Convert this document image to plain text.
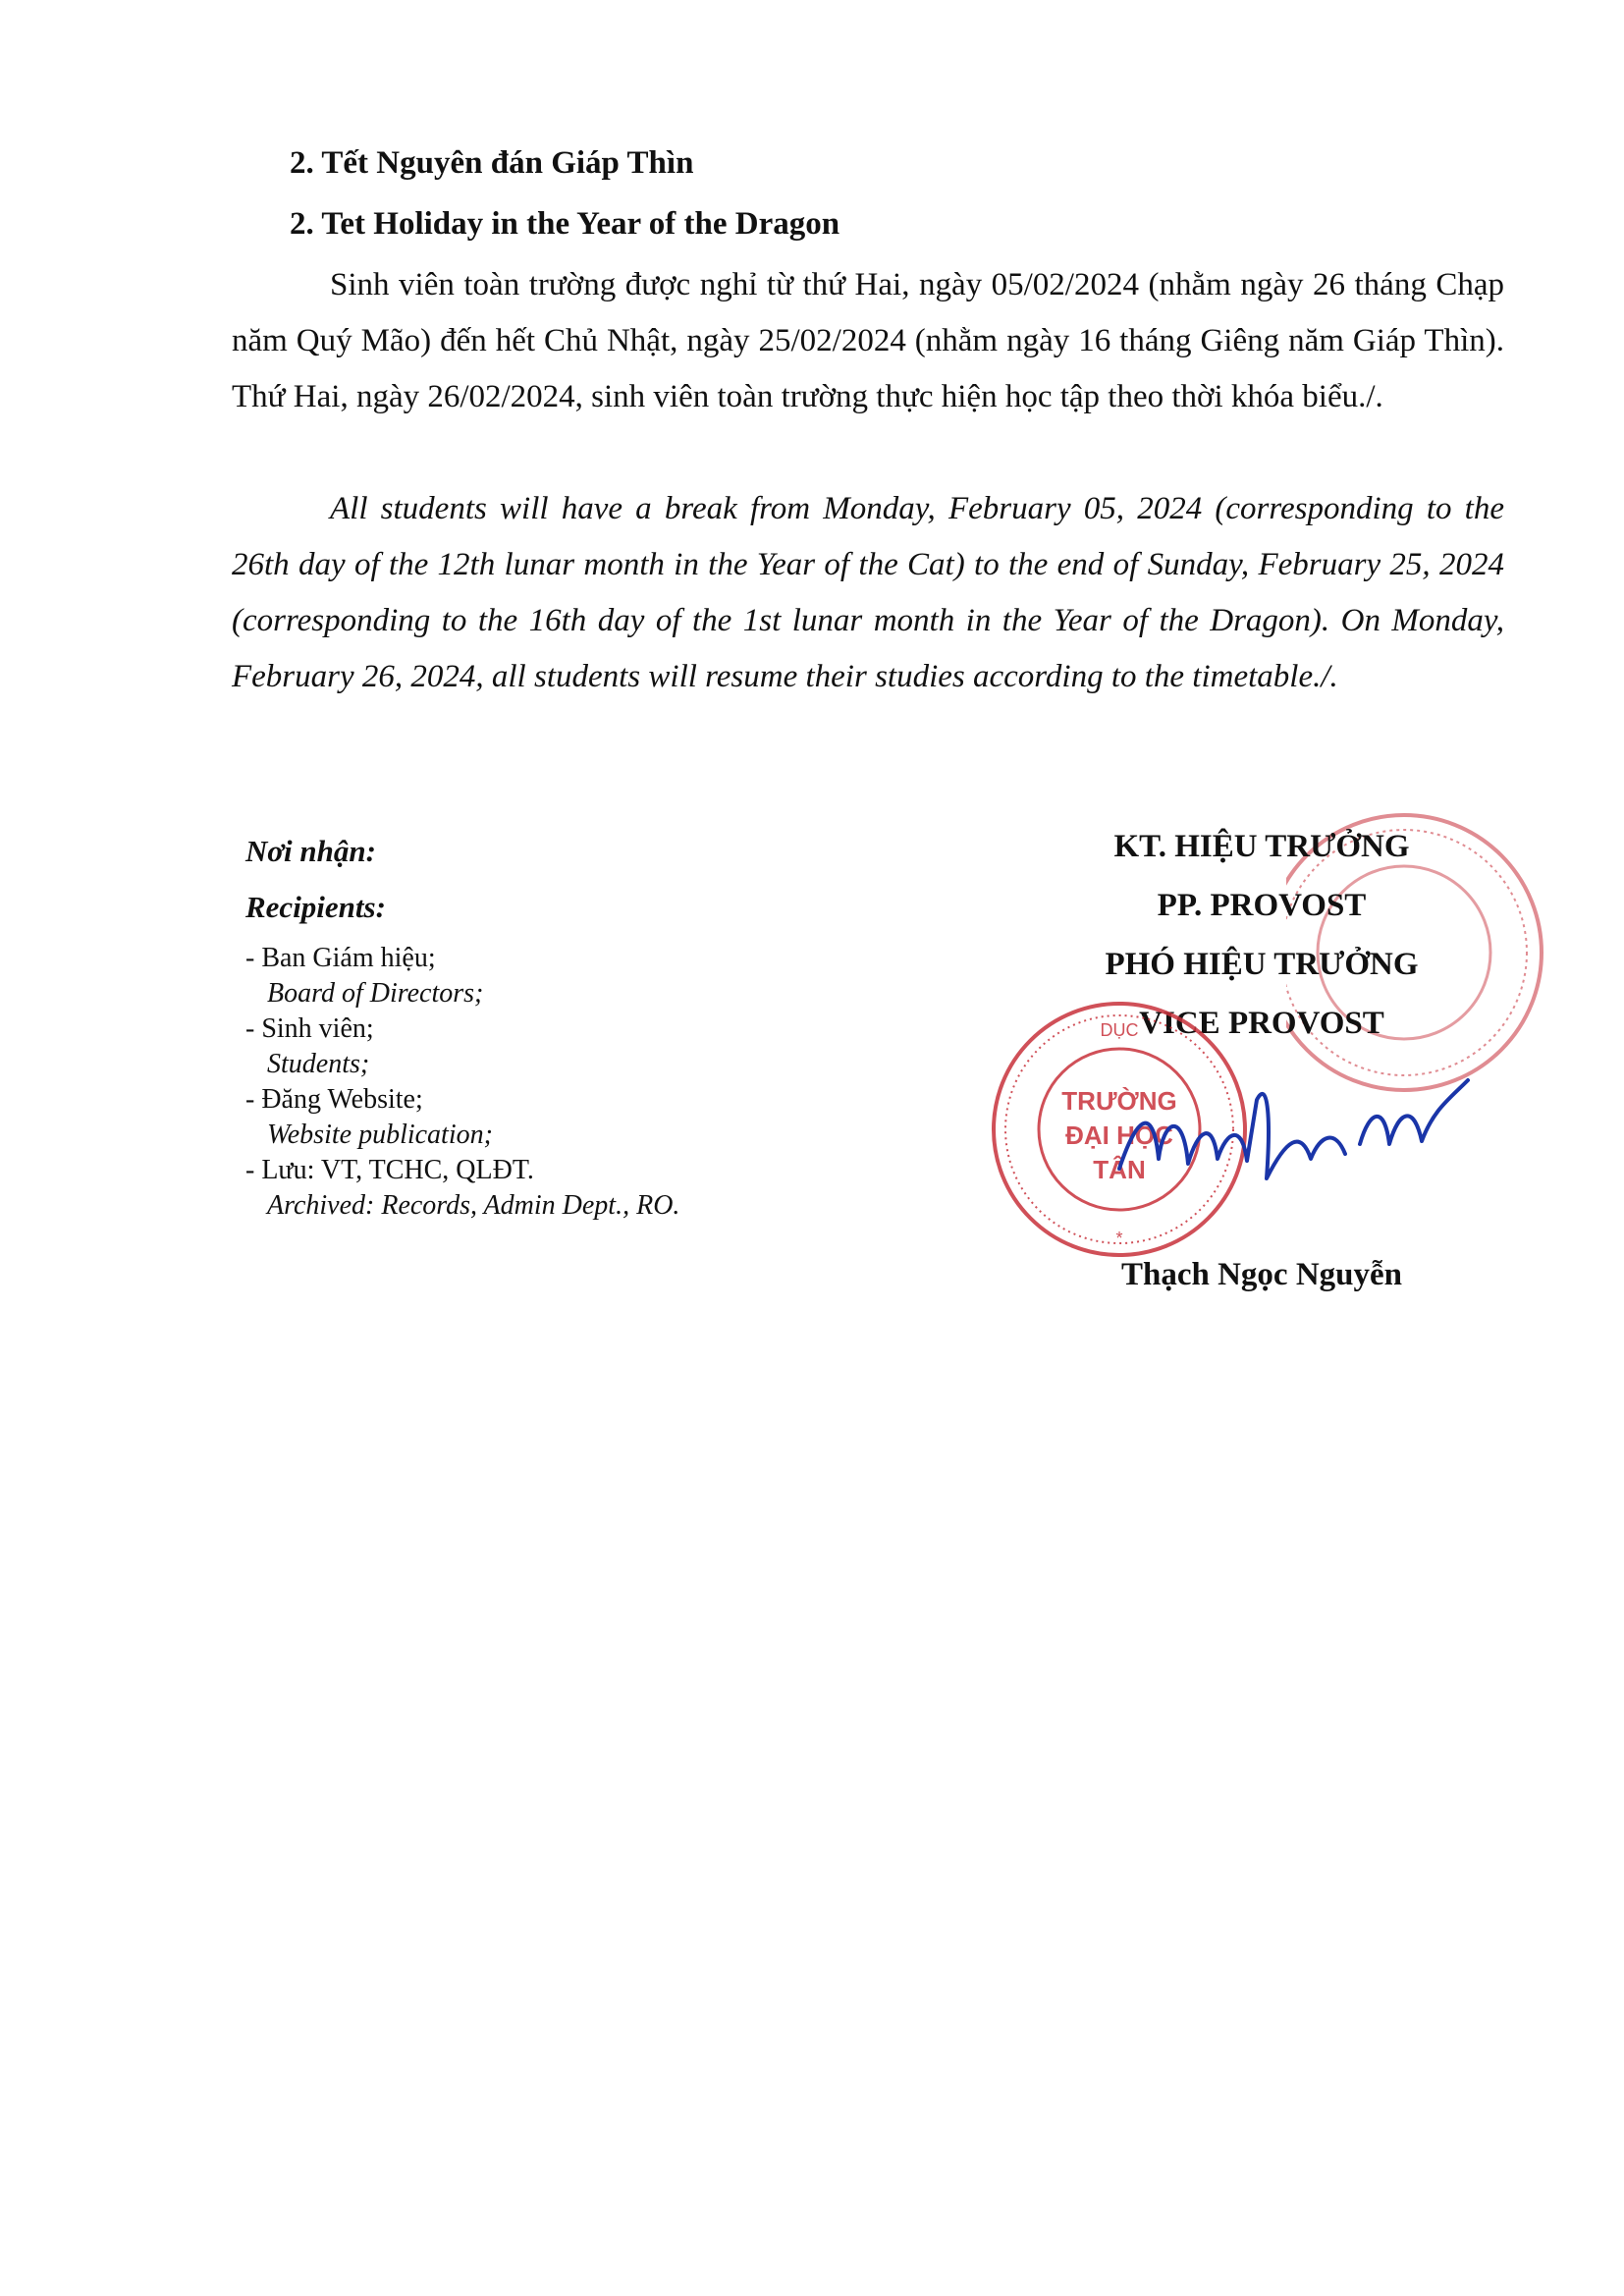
2. Tết Nguyên đán Giáp Thìn
2. Tet Holiday in the Year of the Dragon

Sinh viên toàn trường được nghỉ từ thứ Hai, ngày 05/02/2024 (nhằm ngày 26 tháng Chạp năm Quý Mão) đến hết Chủ Nhật, ngày 25/02/2024 (nhằm ngày 16 tháng Giêng năm Giáp Thìn). Thứ Hai, ngày 26/02/2024, sinh viên toàn trường thực hiện học tập theo thời khóa biểu./.

All students will have a break from Monday, February 05, 2024 (corresponding to the 26th day of the 12th lunar month in the Year of the Cat) to the end of Sunday, February 25, 2024 (corresponding to the 16th day of the 1st lunar month in the Year of the Dragon). On Monday, February 26, 2024, all students will resume their studies according to the timetable./.

Nơi nhận:

Recipients:

- Ban Giám hiệu;
Board of Directors;
- Sinh viên;
Students;
- Đăng Website;
Website publication;
- Lưu: VT, TCHC, QLĐT.
Archived: Records, Admin Dept., RO.

KT. HIỆU TRƯỞNG

PP. PROVOST

PHÓ HIỆU TRƯỞNG

VICE PROVOST

DỤC
TRƯỜNG
ĐẠI HỌC
TÂN
*

Thạch Ngọc Nguyễn
